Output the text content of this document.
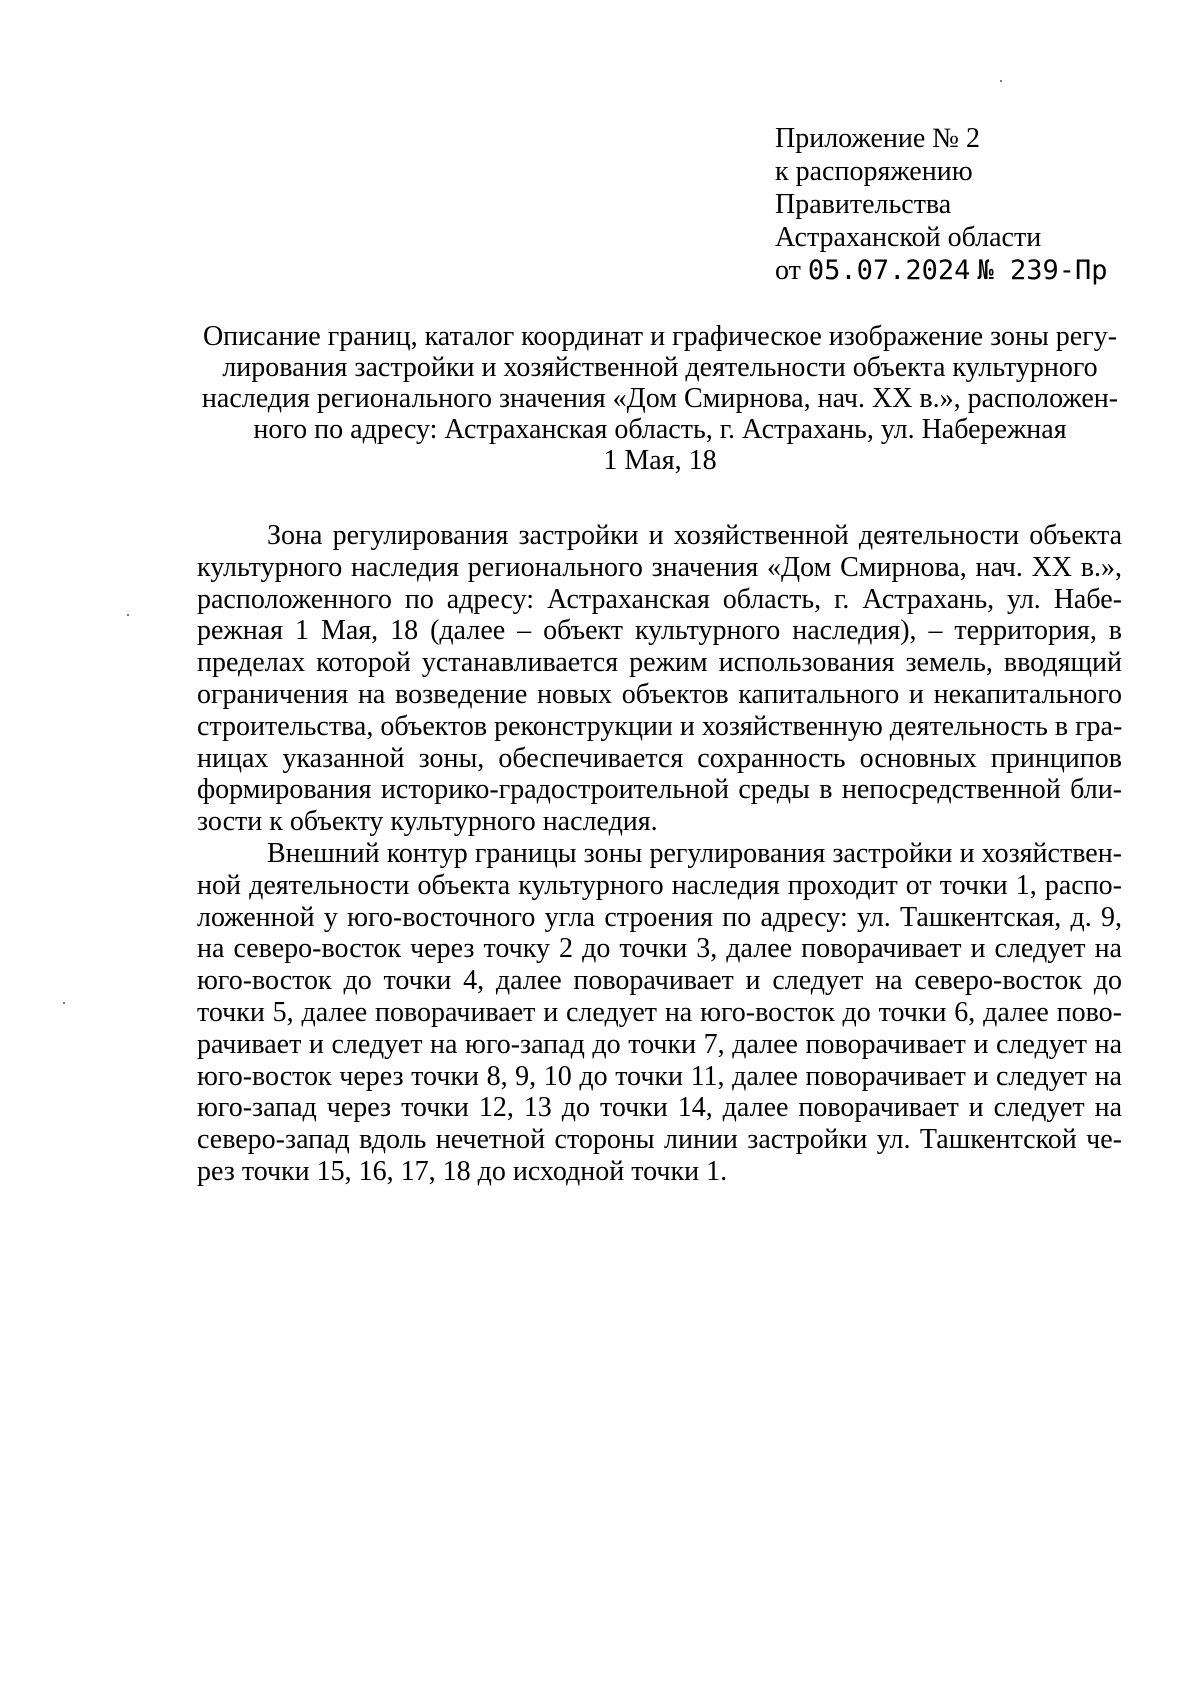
Приложение № 2
к распоряжению
Правительства
Астраханской области
от 05.07.2024 № 239-Пр
Описание границ, каталог координат и графическое изображение зоны регу-
лирования застройки и хозяйственной деятельности объекта культурного
наследия регионального значения «Дом Смирнова, нач. XX в.», расположен-
ного по адресу: Астраханская область, г. Астрахань, ул. Набережная
1 Мая, 18
Зона регулирования застройки и хозяйственной деятельности объекта
культурного наследия регионального значения «Дом Смирнова, нач. XX в.»,
расположенного по адресу: Астраханская область, г. Астрахань, ул. Набе-
режная 1 Мая, 18 (далее – объект культурного наследия), – территория, в
пределах которой устанавливается режим использования земель, вводящий
ограничения на возведение новых объектов капитального и некапитального
строительства, объектов реконструкции и хозяйственную деятельность в гра-
ницах указанной зоны, обеспечивается сохранность основных принципов
формирования историко-градостроительной среды в непосредственной бли-
зости к объекту культурного наследия.
Внешний контур границы зоны регулирования застройки и хозяйствен-
ной деятельности объекта культурного наследия проходит от точки 1, распо-
ложенной у юго-восточного угла строения по адресу: ул. Ташкентская, д. 9,
на северо-восток через точку 2 до точки 3, далее поворачивает и следует на
юго-восток до точки 4, далее поворачивает и следует на северо-восток до
точки 5, далее поворачивает и следует на юго-восток до точки 6, далее пово-
рачивает и следует на юго-запад до точки 7, далее поворачивает и следует на
юго-восток через точки 8, 9, 10 до точки 11, далее поворачивает и следует на
юго-запад через точки 12, 13 до точки 14, далее поворачивает и следует на
северо-запад вдоль нечетной стороны линии застройки ул. Ташкентской че-
рез точки 15, 16, 17, 18 до исходной точки 1.
